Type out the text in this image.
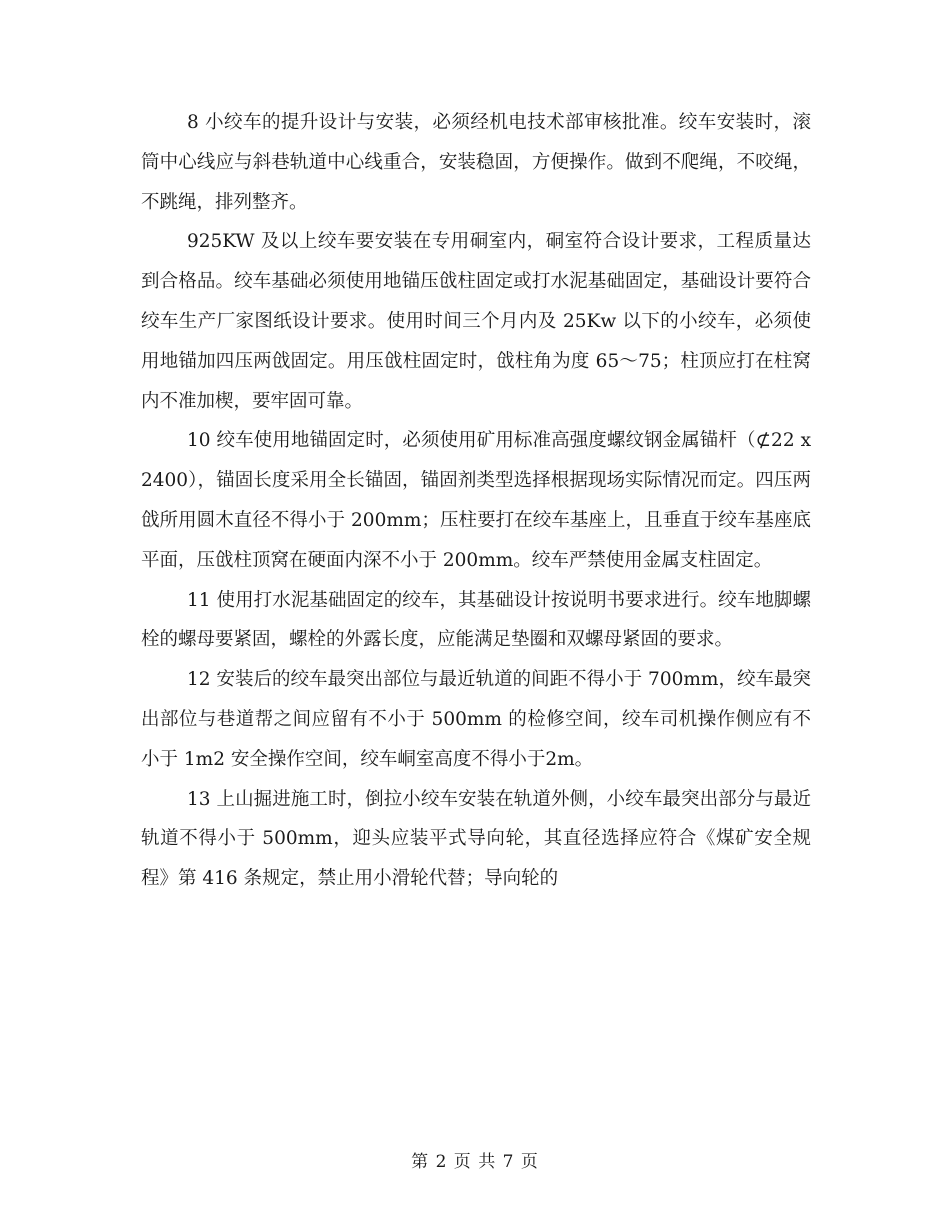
8 小绞车的提升设计与安装，必须经机电技术部审核批准。绞车安装时，滚筒中心线应与斜巷轨道中心线重合，安装稳固，方便操作。做到不爬绳，不咬绳，不跳绳，排列整齐。

925KW 及以上绞车要安装在专用硐室内，硐室符合设计要求，工程质量达到合格品。绞车基础必须使用地锚压戗柱固定或打水泥基础固定，基础设计要符合绞车生产厂家图纸设计要求。使用时间三个月内及 25Kw 以下的小绞车，必须使用地锚加四压两戗固定。用压戗柱固定时，戗柱角为度 65～75；柱顶应打在柱窝内不准加楔，要牢固可靠。

10 绞车使用地锚固定时，必须使用矿用标准高强度螺纹钢金属锚杆（⊄22 x 2400），锚固长度采用全长锚固，锚固剂类型选择根据现场实际情况而定。四压两戗所用圆木直径不得小于 200mm；压柱要打在绞车基座上，且垂直于绞车基座底平面，压戗柱顶窝在硬面内深不小于 200mm。绞车严禁使用金属支柱固定。

11 使用打水泥基础固定的绞车，其基础设计按说明书要求进行。绞车地脚螺栓的螺母要紧固，螺栓的外露长度，应能满足垫圈和双螺母紧固的要求。

12 安装后的绞车最突出部位与最近轨道的间距不得小于 700mm，绞车最突出部位与巷道帮之间应留有不小于 500mm 的检修空间，绞车司机操作侧应有不小于 1m2 安全操作空间，绞车峒室高度不得小于2m。

13 上山掘进施工时，倒拉小绞车安装在轨道外侧，小绞车最突出部分与最近轨道不得小于 500mm，迎头应装平式导向轮，其直径选择应符合《煤矿安全规程》第 416 条规定，禁止用小滑轮代替；导向轮的

第 2 页 共 7 页
